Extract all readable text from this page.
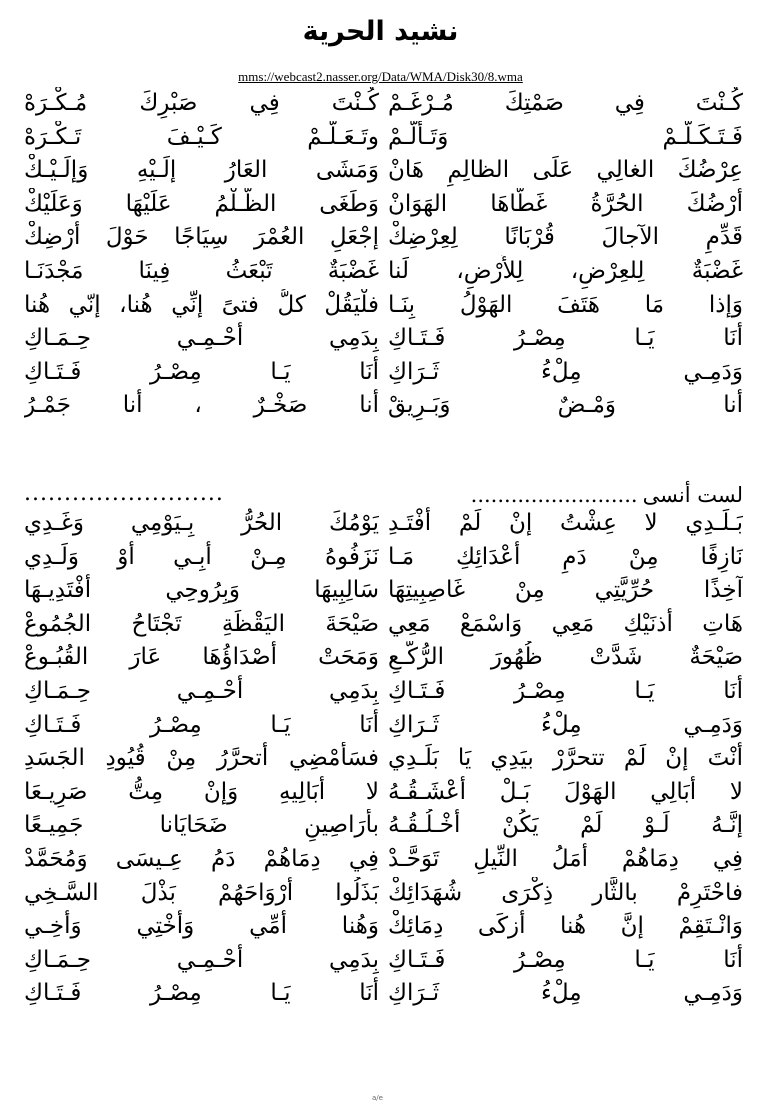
نشيد الحرية
mms://webcast2.nasser.org/Data/WMA/Disk30/8.wma
كُـنْتَ فِي صَمْتِكَ مُـرْغَـمْ
فَـتَـكَـلَّـمْ وَتَـأَلَّـمْ
عِرْضُكَ الغالِي عَلَى الظالِمِ هَانْ
أَرْضُكَ الحُرَّةُ غَطَّاهَا الهَوَانْ
قَدِّمِ الآجالَ قُرْبَانًا لِعِرْضِكْ
غَضْبَةٌ لِلعِرْضِ، لِلأَرْضِ، لَنا
وَإذا مَا هَتَفَ الهَوْلُ بِنَـا
أَنَا يَـا مِصْـرُ فَـتَـاكِ
وَدَمِـي مِلْءُ ثَـرَاكِ
أَنا وَمْـضٌ وَبَـرِيقْ
كُـنْتَ فِي صَبْرِكَ مُـكْـرَهْ
وتَـعَـلَّـمْ كَـيْـفَ تَـكْـرَهْ
وَمَشَى العَارُ إلَـيْهِ وَإلَـيْـكْ
وَطَغَى الظُّـلْمُ عَلَيْهَا وَعَلَيْكْ
إجْعَلِ العُمْرَ سِيَاجًا حَوْلَ أرْضِكْ
غَضْبَةٌ تَبْعَثُ فِينَا مَجْدَنَـا
فلْيَقُلْ كلُّ فتىً إنِّي هُنا، إنّي هُنا
بِدَمِي أَحْـمِـي حِـمَـاكِ
أَنَا يَـا مِصْـرُ فَـتَـاكِ
أَنا صَخْـرٌ ، أَنا جَمْـرُ
لست أنسى .........................
.........................
بَـلَـدِي لا عِشْتُ إنْ لَمْ أَفْتَـدِ
نَازِفًا مِنْ دَمِ أعْدَائِكِ مَـا
آخِذًا حُرِّيَّتِي مِنْ غَاصِبِيتِهَا
هَاتِ أذنَيْكِ مَعِي وَاسْمَعْ مَعِي
صَيْحَةٌ شَدَّتْ ظُهُورَ الرُّكَّـعِ
أَنَا يَـا مِصْـرُ فَـتَـاكِ
وَدَمِـي مِلْءُ ثَـرَاكِ
أَنْتَ إنْ لَمْ تتحرَّرْ بيَدِي يَا بَلَـدِي
لا أُبَالِي الهَوْلَ بَـلْ أعْشَـقُـهُ
إنَّـهُ لَـوْ لَمْ يَكُنْ أَخْـلُـقُـهُ
فِي دِمَاهُمْ أَمَلُ النِّيلِ تَوَحَّـدْ
فاحْتَرِمْ بالثَّار ذِكْرَى شُهَدَائِكْ
وَانْـتَقِمْ إنَّ هُنا أزكَى دِمَائِكْ
أَنَا يَـا مِصْـرُ فَـتَـاكِ
وَدَمِـي مِلْءُ ثَـرَاكِ
يَوْمُكَ الحُرُّ بِـيَوْمِي وَغَـدِي
نَزَفُوهُ مِـنْ أَبِـي أَوْ وَلَـدِي
سَالِبِيهَا وَبِرُوحِي أَفْتَدِيـهَا
صَيْحَةَ اليَقْظَةِ تَجْتَاحُ الجُمُوعْ
وَمَحَتْ أَصْدَاؤُهَا عَارَ القُبُـوعْ
بِدَمِي أَحْـمِـي حِـمَـاكِ
أَنَا يَـا مِصْـرُ فَـتَـاكِ
فسَأَمْضِي أتحرَّرُ مِنْ قُيُودِ الجَسَدِ
لا أُبَالِيهِ وَإنْ مِتُّ صَرِيـعَا
بأَرَاصِينِ ضَحَايَانا جَمِيـعًا
فِي دِمَاهُمْ دَمُ عِـيسَى وَمُحَمَّدْ
بَذَلُوا أرْوَاحَهُمْ بَذْلَ السَّـخِي
وَهُنا أُمِّي وَأُخْتِي وَأَخِـي
بِدَمِي أَحْـمِـي حِـمَـاكِ
أَنَا يَـا مِصْـرُ فَـتَـاكِ
a/e
